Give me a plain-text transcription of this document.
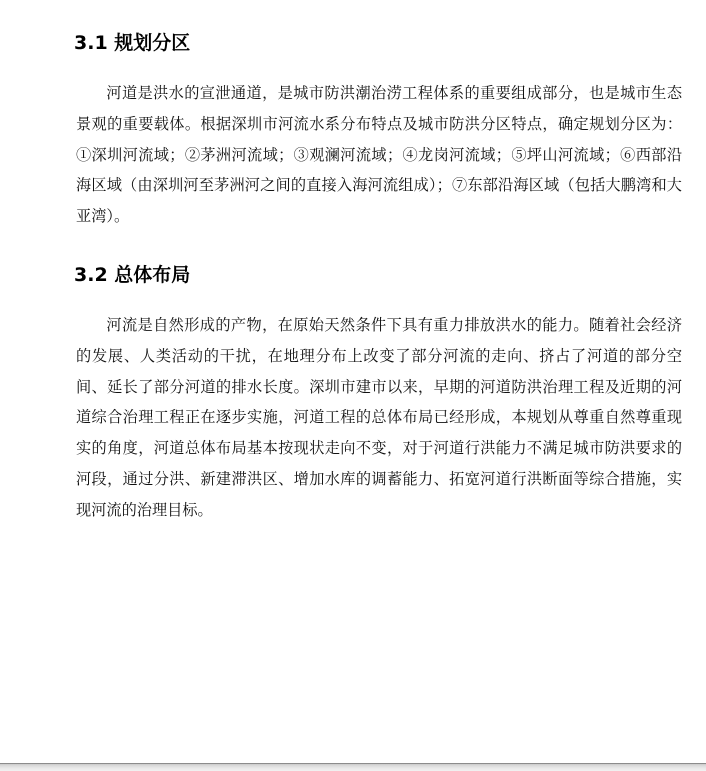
3.1 规划分区

河道是洪水的宣泄通道，是城市防洪潮治涝工程体系的重要组成部分，也是城市生态景观的重要载体。根据深圳市河流水系分布特点及城市防洪分区特点，确定规划分区为：①深圳河流域；②茅洲河流域；③观澜河流域；④龙岗河流域；⑤坪山河流域；⑥西部沿海区域（由深圳河至茅洲河之间的直接入海河流组成）；⑦东部沿海区域（包括大鹏湾和大亚湾）。

3.2 总体布局

河流是自然形成的产物，在原始天然条件下具有重力排放洪水的能力。随着社会经济的发展、人类活动的干扰，在地理分布上改变了部分河流的走向、挤占了河道的部分空间、延长了部分河道的排水长度。深圳市建市以来，早期的河道防洪治理工程及近期的河道综合治理工程正在逐步实施，河道工程的总体布局已经形成，本规划从尊重自然尊重现实的角度，河道总体布局基本按现状走向不变，对于河道行洪能力不满足城市防洪要求的河段，通过分洪、新建滞洪区、增加水库的调蓄能力、拓宽河道行洪断面等综合措施，实现河流的治理目标。
